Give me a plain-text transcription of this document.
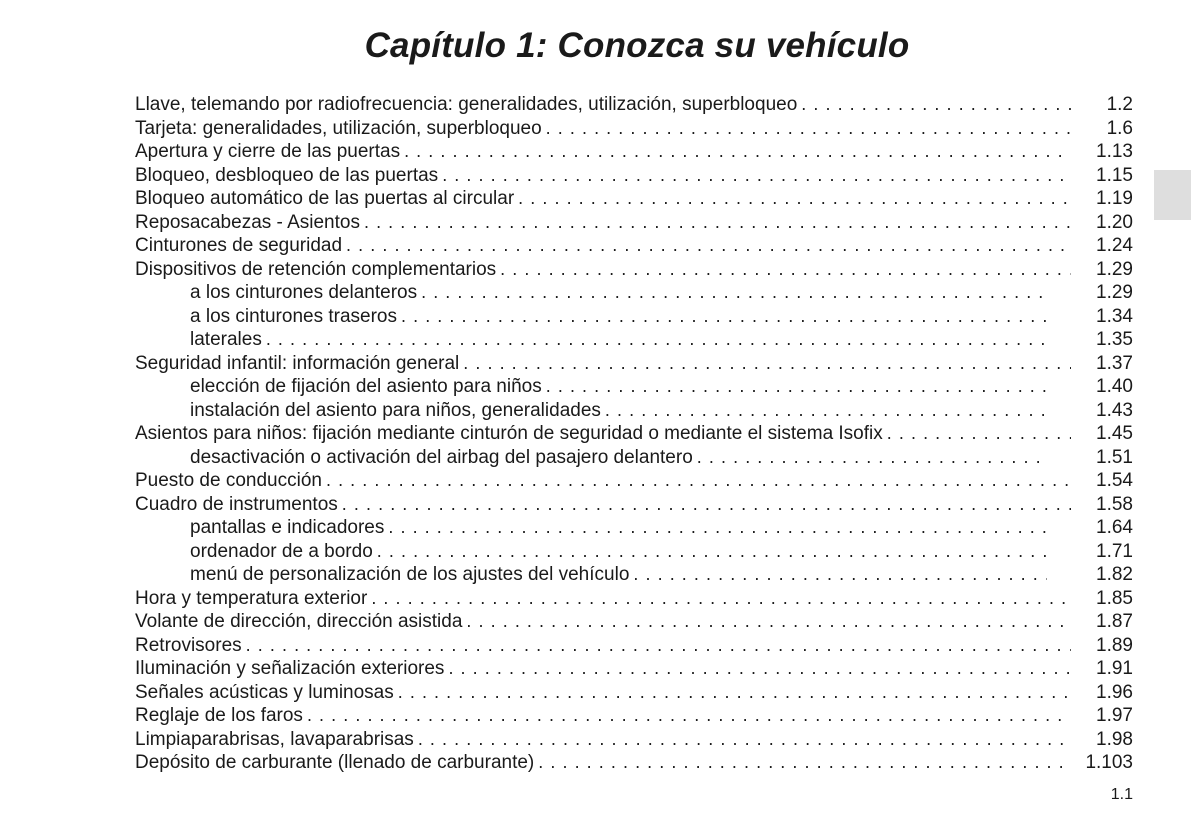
Capítulo 1: Conozca su vehículo
Llave, telemando por radiofrecuencia: generalidades, utilización, superbloqueo . . .	1.2
Tarjeta: generalidades, utilización, superbloqueo . . .	1.6
Apertura y cierre de las puertas . . .	1.13
Bloqueo, desbloqueo de las puertas . . .	1.15
Bloqueo automático de las puertas al circular . . .	1.19
Reposacabezas - Asientos . . .	1.20
Cinturones de seguridad . . .	1.24
Dispositivos de retención complementarios . . .	1.29
a los cinturones delanteros . . .	1.29
a los cinturones traseros . . .	1.34
laterales . . .	1.35
Seguridad infantil: información general . . .	1.37
elección de fijación del asiento para niños . . .	1.40
instalación del asiento para niños, generalidades . . .	1.43
Asientos para niños: fijación mediante cinturón de seguridad o mediante el sistema Isofix . . .	1.45
desactivación o activación del airbag del pasajero delantero . . .	1.51
Puesto de conducción . . .	1.54
Cuadro de instrumentos . . .	1.58
pantallas e indicadores . . .	1.64
ordenador de a bordo . . .	1.71
menú de personalización de los ajustes del vehículo . . .	1.82
Hora y temperatura exterior . . .	1.85
Volante de dirección, dirección asistida . . .	1.87
Retrovisores . . .	1.89
Iluminación y señalización exteriores . . .	1.91
Señales acústicas y luminosas . . .	1.96
Reglaje de los faros . . .	1.97
Limpiaparabrisas, lavaparabrisas . . .	1.98
Depósito de carburante (llenado de carburante) . . .	1.103
1.1
